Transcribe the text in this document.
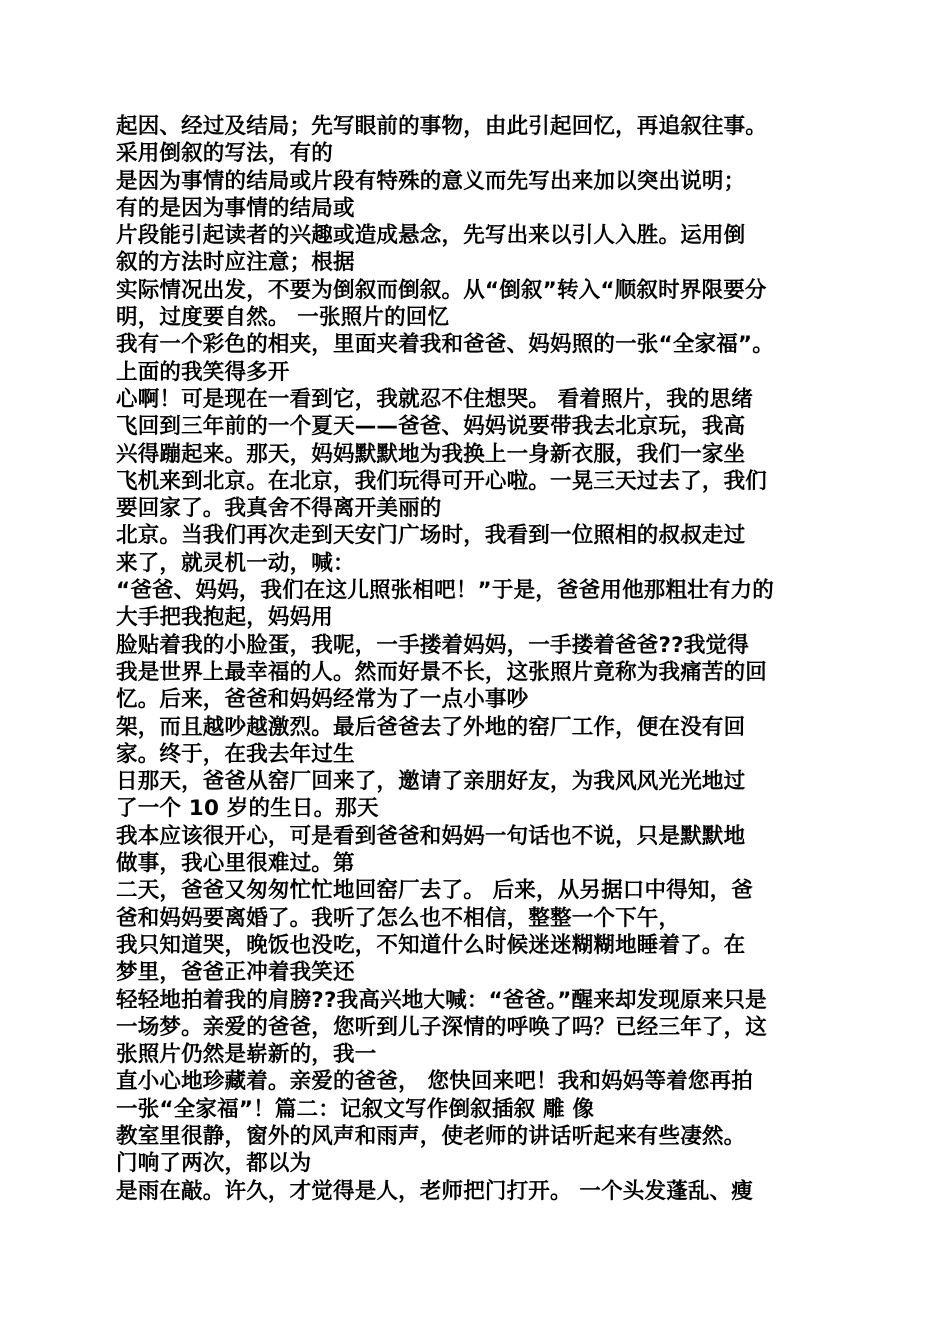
起因、经过及结局；先写眼前的事物，由此引起回忆，再追叙往事。
采用倒叙的写法，有的
是因为事情的结局或片段有特殊的意义而先写出来加以突出说明；
有的是因为事情的结局或
片段能引起读者的兴趣或造成悬念，先写出来以引人入胜。运用倒
叙的方法时应注意；根据
实际情况出发，不要为倒叙而倒叙。从“倒叙”转入“顺叙时界限要分
明，过度要自然。 一张照片的回忆
我有一个彩色的相夹，里面夹着我和爸爸、妈妈照的一张“全家福”。
上面的我笑得多开
心啊！可是现在一看到它，我就忍不住想哭。 看着照片，我的思绪
飞回到三年前的一个夏天——爸爸、妈妈说要带我去北京玩，我高
兴得蹦起来。那天，妈妈默默地为我换上一身新衣服，我们一家坐
飞机来到北京。在北京，我们玩得可开心啦。一晃三天过去了，我们
要回家了。我真舍不得离开美丽的
北京。当我们再次走到天安门广场时，我看到一位照相的叔叔走过
来了，就灵机一动，喊：
“爸爸、妈妈，我们在这儿照张相吧！”于是，爸爸用他那粗壮有力的
大手把我抱起，妈妈用
脸贴着我的小脸蛋，我呢，一手搂着妈妈，一手搂着爸爸??我觉得
我是世界上最幸福的人。然而好景不长，这张照片竟称为我痛苦的回
忆。后来，爸爸和妈妈经常为了一点小事吵
架，而且越吵越激烈。最后爸爸去了外地的窑厂工作，便在没有回
家。终于，在我去年过生
日那天，爸爸从窑厂回来了，邀请了亲朋好友，为我风风光光地过
了一个 10 岁的生日。那天
我本应该很开心，可是看到爸爸和妈妈一句话也不说，只是默默地
做事，我心里很难过。第
二天，爸爸又匆匆忙忙地回窑厂去了。 后来，从另据口中得知，爸
爸和妈妈要离婚了。我听了怎么也不相信，整整一个下午，
我只知道哭，晚饭也没吃，不知道什么时候迷迷糊糊地睡着了。在
梦里，爸爸正冲着我笑还
轻轻地拍着我的肩膀??我高兴地大喊：“爸爸。”醒来却发现原来只是
一场梦。亲爱的爸爸，您听到儿子深情的呼唤了吗？已经三年了，这
张照片仍然是崭新的，我一
直小心地珍藏着。亲爱的爸爸， 您快回来吧！我和妈妈等着您再拍
一张“全家福”！篇二：记叙文写作倒叙插叙 雕 像
教室里很静，窗外的风声和雨声，使老师的讲话听起来有些凄然。
门响了两次，都以为
是雨在敲。许久，才觉得是人，老师把门打开。 一个头发蓬乱、瘦
